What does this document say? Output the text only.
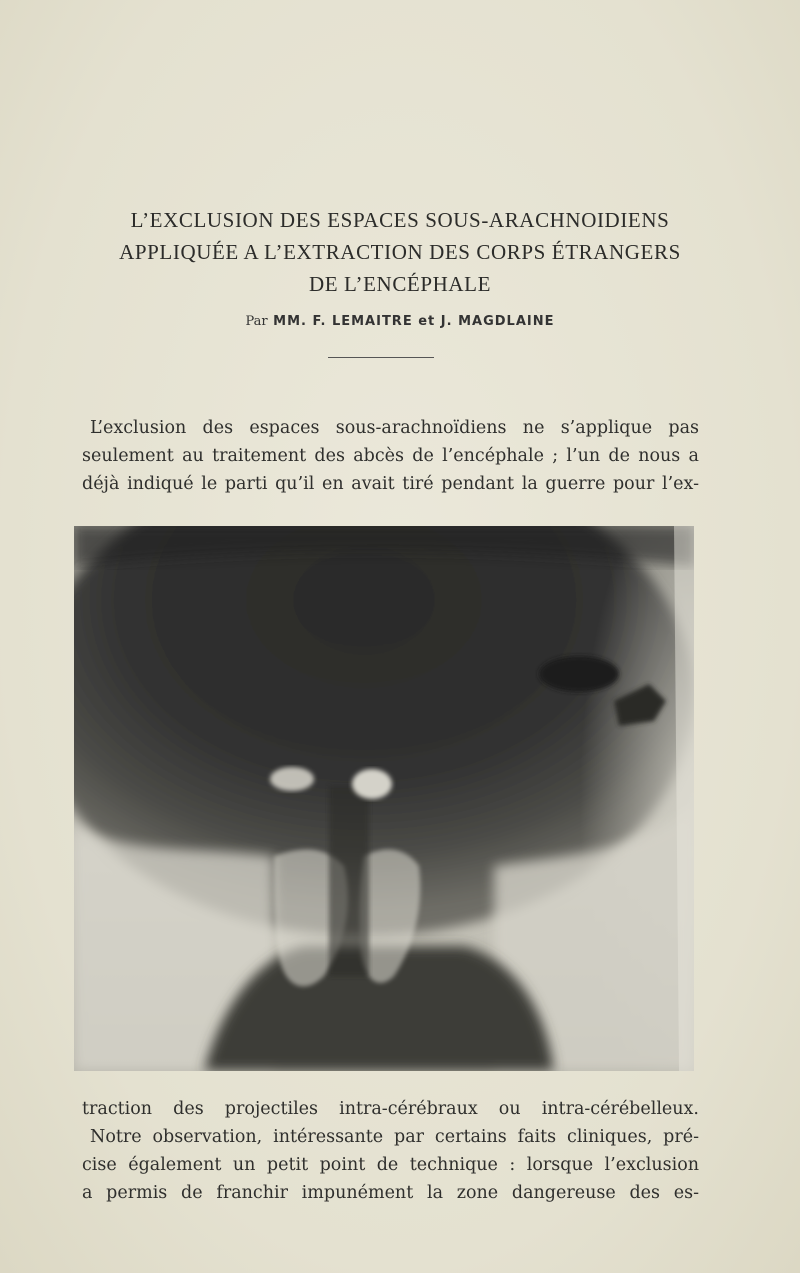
L’EXCLUSION DES ESPACES SOUS-ARACHNOIDIENS
APPLIQUÉE A L’EXTRACTION DES CORPS ÉTRANGERS
DE L’ENCÉPHALE
Par MM. F. LEMAITRE et J. MAGDLAINE
L’exclusion des espaces sous-arachnoïdiens ne s’applique pas
seulement au traitement des abcès de l’encéphale ; l’un de nous a
déjà indiqué le parti qu’il en avait tiré pendant la guerre pour l’ex-
traction des projectiles intra-cérébraux ou intra-cérébelleux.
Notre observation, intéressante par certains faits cliniques, pré-
cise également un petit point de technique : lorsque l’exclusion
a permis de franchir impunément la zone dangereuse des es-
